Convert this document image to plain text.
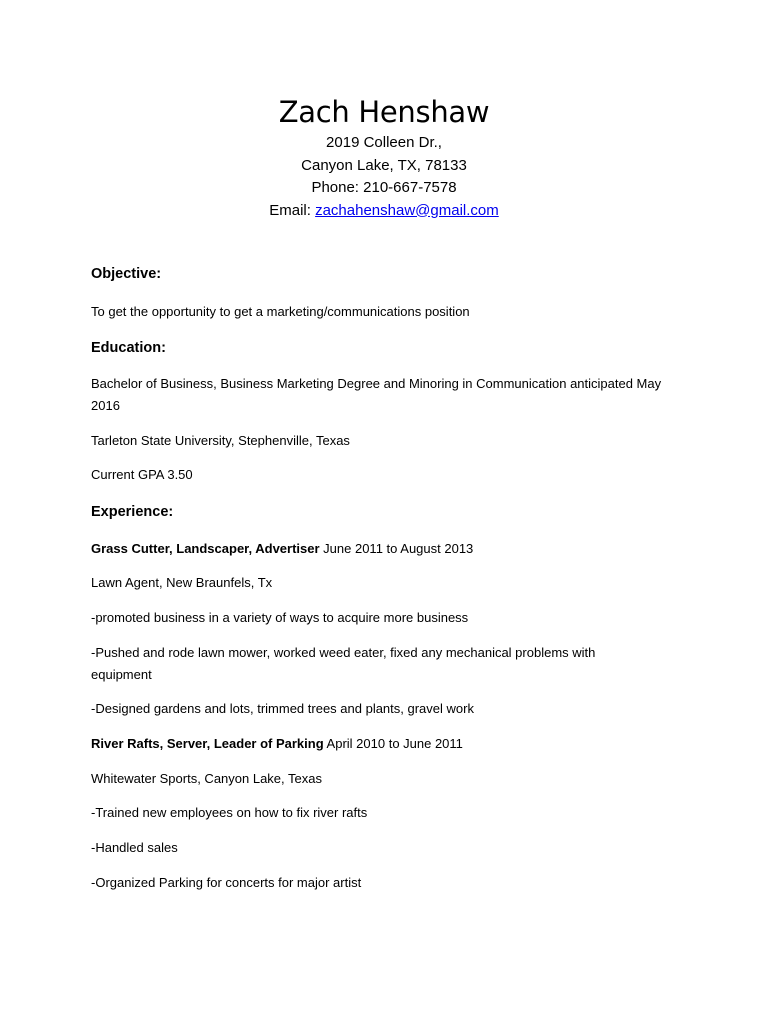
Zach Henshaw

2019 Colleen Dr.,

Canyon Lake, TX, 78133

Phone: 210-667-7578

Email: zachahenshaw@gmail.com

Objective:

To get the opportunity to get a marketing/communications position

Education:

Bachelor of Business, Business Marketing Degree and Minoring in Communication anticipated May 2016

Tarleton State University, Stephenville, Texas

Current GPA 3.50

Experience:

Grass Cutter, Landscaper, Advertiser June 2011 to August 2013

Lawn Agent, New Braunfels, Tx

-promoted business in a variety of ways to acquire more business

-Pushed and rode lawn mower, worked weed eater, fixed any mechanical problems with equipment

-Designed gardens and lots, trimmed trees and plants, gravel work

River Rafts, Server, Leader of Parking April 2010 to June 2011

Whitewater Sports, Canyon Lake, Texas

-Trained new employees on how to fix river rafts

-Handled sales

-Organized Parking for concerts for major artist
